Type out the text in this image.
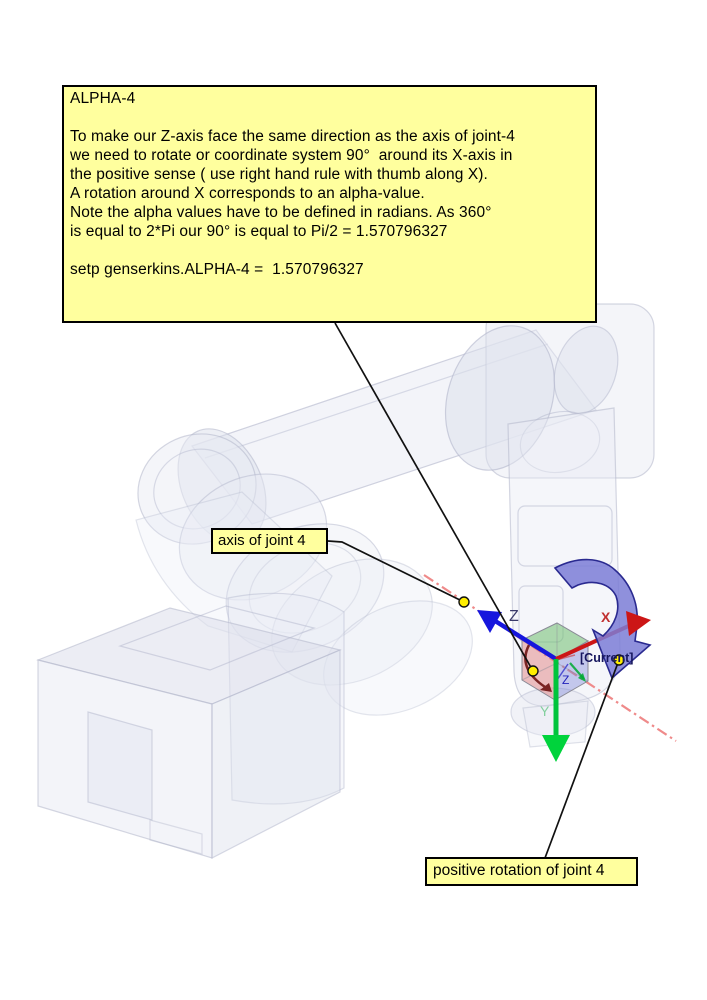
Z	X
Z
Y
[Current]
ALPHA-4
To make our Z-axis face the same direction as the axis of joint-4
we need to rotate or coordinate system 90°  around its X-axis in
the positive sense ( use right hand rule with thumb along X).
A rotation around X corresponds to an alpha-value.
Note the alpha values have to be defined in radians. As 360°
is equal to 2*Pi our 90° is equal to Pi/2 = 1.570796327
setp genserkins.ALPHA-4 =  1.570796327
axis of joint 4
positive rotation of joint 4
